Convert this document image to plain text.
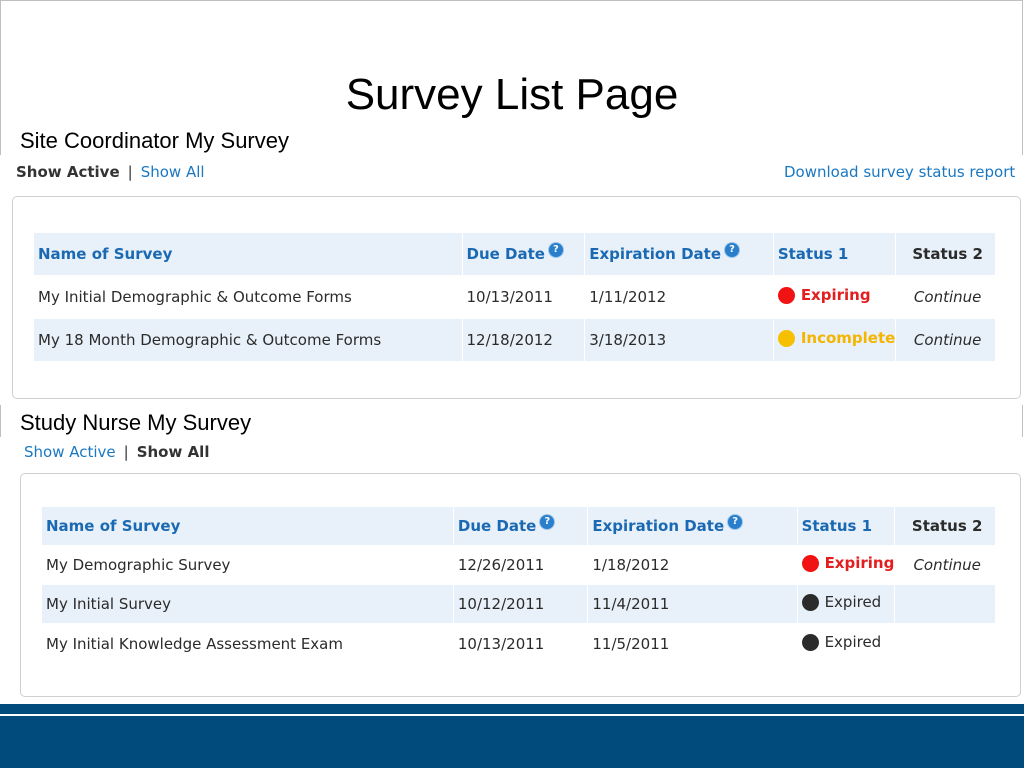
Survey List Page
Site Coordinator My Survey
Show Active | Show All	Download survey status report
Name of Survey	Due Date ?	Expiration Date ?	Status 1	Status 2
My Initial Demographic & Outcome Forms	10/13/2011	1/11/2012	Expiring	Continue
My 18 Month Demographic & Outcome Forms	12/18/2012	3/18/2013	Incomplete	Continue
Study Nurse My Survey
Show Active | Show All
Name of Survey	Due Date ?	Expiration Date ?	Status 1	Status 2
My Demographic Survey	12/26/2011	1/18/2012	Expiring	Continue
My Initial Survey	10/12/2011	11/4/2011	Expired	

My Initial Knowledge Assessment Exam	10/13/2011	11/5/2011	Expired	
